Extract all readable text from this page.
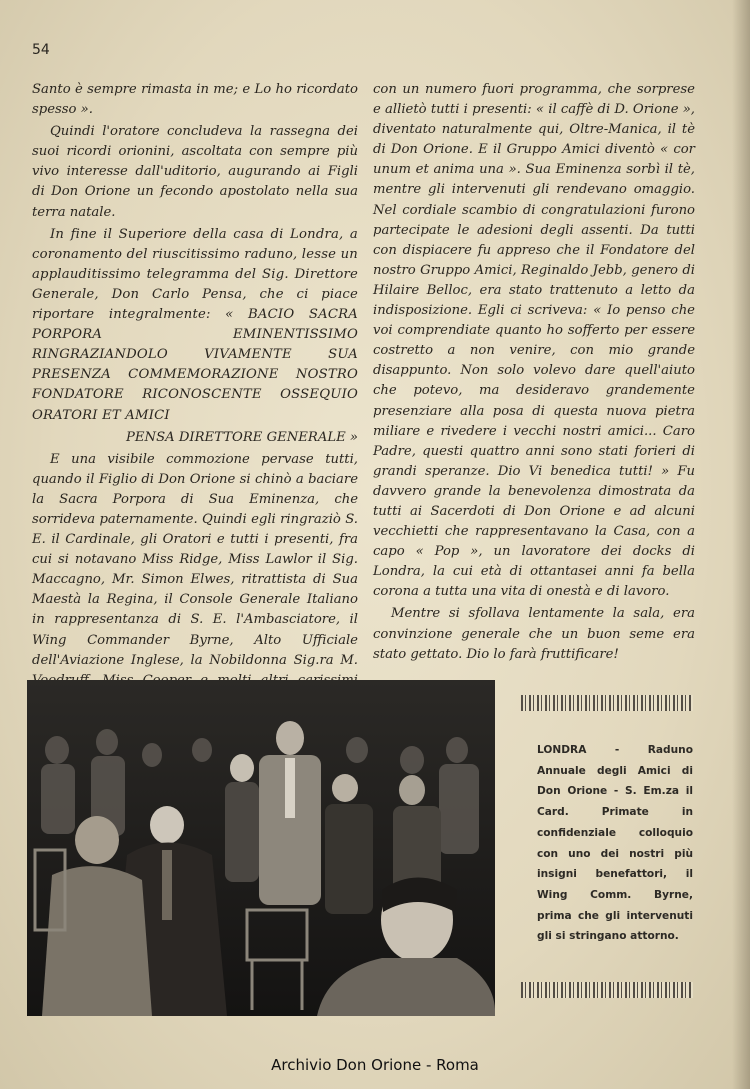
54

Santo è sempre rimasta in me; e Lo ho ricordato spesso ».

Quindi l'oratore concludeva la rassegna dei suoi ricordi orionini, ascoltata con sempre più vivo interesse dall'uditorio, augurando ai Figli di Don Orione un fecondo apostolato nella sua terra natale.

In fine il Superiore della casa di Londra, a coronamento del riuscitissimo raduno, lesse un applauditissimo telegramma del Sig. Direttore Generale, Don Carlo Pensa, che ci piace riportare integralmente: « BACIO SACRA PORPORA EMINENTISSIMO RINGRAZIANDOLO VIVAMENTE SUA PRESENZA COMMEMORAZIONE NOSTRO FONDATORE RICONOSCENTE OSSEQUIO ORATORI ET AMICI

PENSA DIRETTORE GENERALE »

E una visibile commozione pervase tutti, quando il Figlio di Don Orione si chinò a baciare la Sacra Porpora di Sua Eminenza, che sorrideva paternamente. Quindi egli ringraziò S. E. il Cardinale, gli Oratori e tutti i presenti, fra cui si notavano Miss Ridge, Miss Lawlor il Sig. Maccagno, Mr. Simon Elwes, ritrattista di Sua Maestà la Regina, il Console Generale Italiano in rappresentanza di S. E. l'Ambasciatore, il Wing Commander Byrne, Alto Ufficiale dell'Aviazione Inglese, la Nobildonna Sig.ra M.

con un numero fuori programma, che sorprese e allietò tutti i presenti: « il caffè di D. Orione », diventato naturalmente qui, Oltre-Manica, il tè di Don Orione. E il Gruppo Amici diventò « cor unum et anima una ». Sua Eminenza sorbì il tè, mentre gli intervenuti gli rendevano omaggio. Nel cordiale scambio di congratulazioni furono partecipate le adesioni degli assenti. Da tutti con dispiacere fu appreso che il Fondatore del nostro Gruppo Amici, Reginaldo Jebb, genero di Hilaire Belloc, era stato trattenuto a letto da indisposizione. Egli ci scriveva: « Io penso che voi comprendiate quanto ho sofferto per essere costretto a non venire, con mio grande disappunto. Non solo volevo dare quell'aiuto che potevo, ma desideravo grandemente presenziare alla posa di questa nuova pietra miliare e rivedere i vecchi nostri amici... Caro Padre, questi quattro anni sono stati forieri di grandi speranze. Dio Vi benedica tutti! » Fu davvero grande la benevolenza dimostrata da tutti ai Sacerdoti di Don Orione e ad alcuni vecchietti che rappresentavano la Casa, con a capo « Pop », un lavoratore dei docks di Londra, la cui età di ottantasei anni fa bella corona a tutta una vita di onestà e di lavoro.

Mentre si sfollava lentamente la sala, era convinzione generale che un buon seme era stato gettato. Dio lo farà fruttificare!

LONDRA - Raduno Annuale degli Amici di Don Orione - S. Em.za il Card. Primate in confidenziale colloquio con uno dei nostri più insigni benefattori, il Wing Comm. Byrne, prima che gli intervenuti gli si stringano attorno.
Archivio Don Orione - Roma
